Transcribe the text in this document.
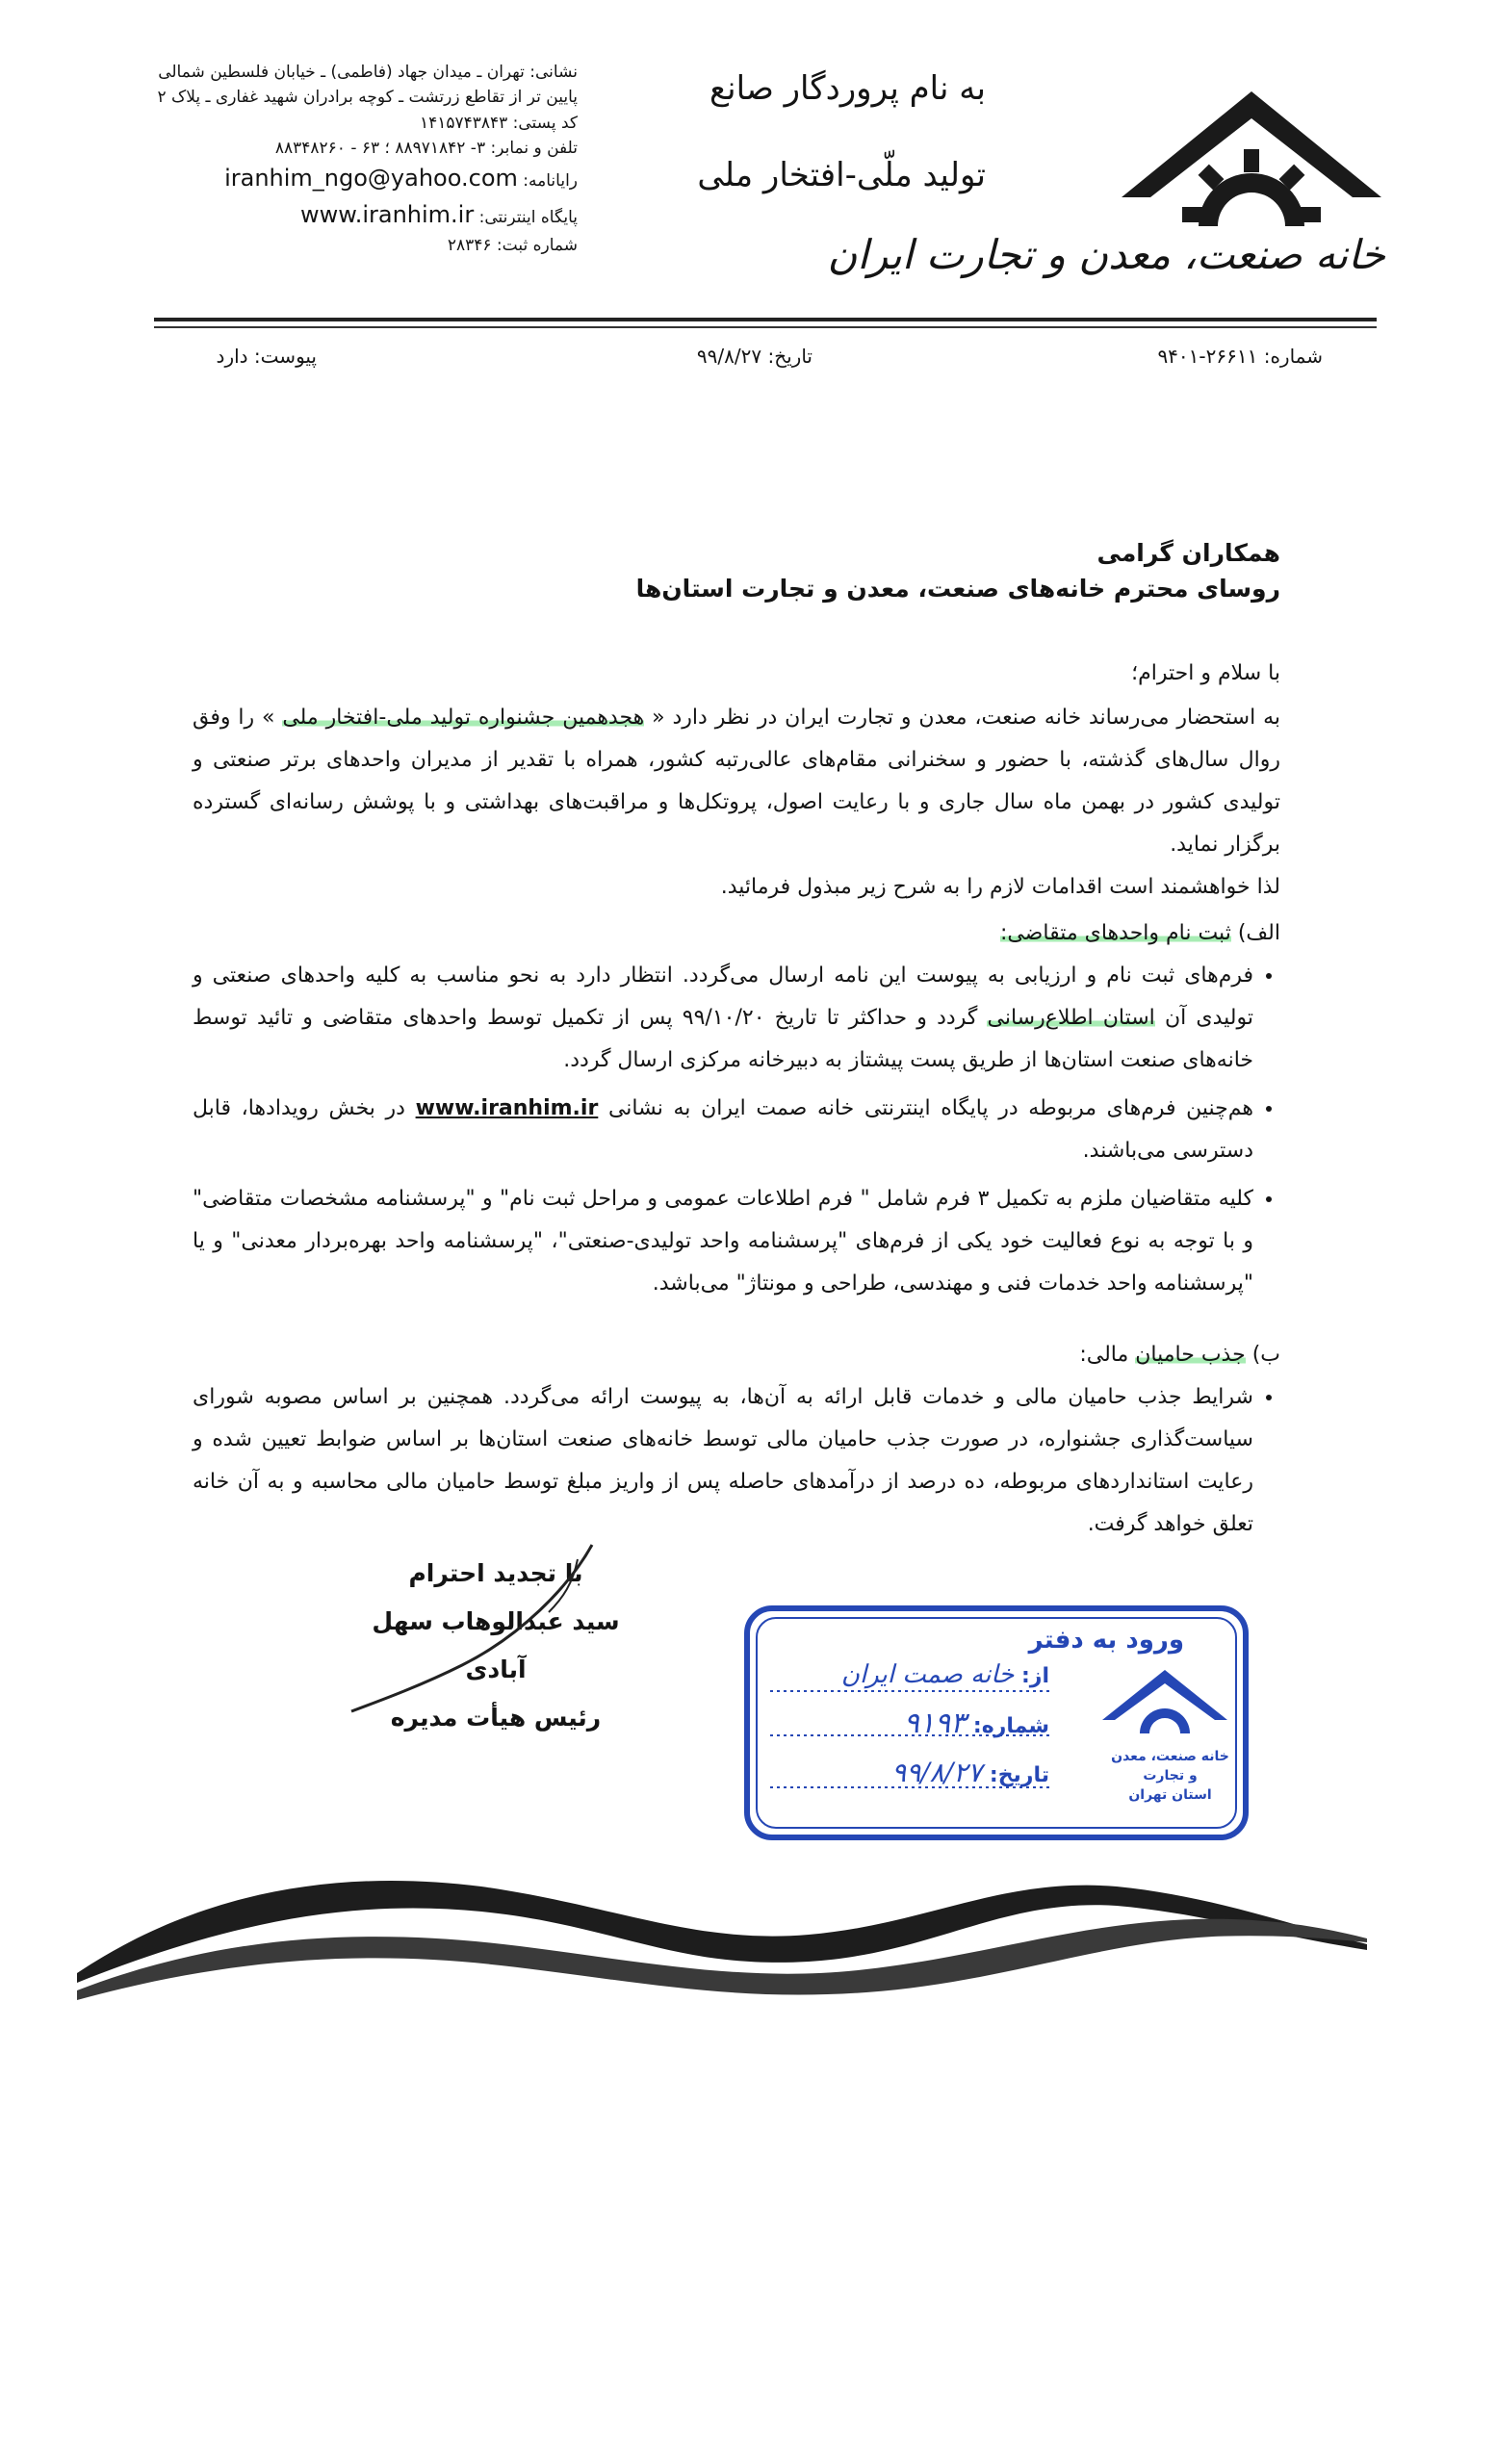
خانه صنعت، معدن و تجارت ایران
به نام پروردگار صانع
تولید ملّی-افتخار ملی
نشانی: تهران ـ میدان جهاد (فاطمی) ـ خیابان فلسطین شمالی
پایین تر از تقاطع زرتشت ـ کوچه برادران شهید غفاری ـ پلاک ۲
کد پستی: ۱۴۱۵۷۴۳۸۴۳
تلفن و نمابر: ۳- ۸۸۹۷۱۸۴۲ ؛ ۶۳ - ۸۸۳۴۸۲۶۰
رایانامه: iranhim_ngo@yahoo.com
پایگاه اینترنتی: www.iranhim.ir
شماره ثبت: ۲۸۳۴۶
شماره: ۲۶۶۱۱-۹۴۰۱
تاریخ: ۹۹/۸/۲۷
پیوست: دارد
همکاران گرامی
روسای محترم خانه‌های صنعت، معدن و تجارت استان‌ها

با سلام و احترام؛

به استحضار می‌رساند خانه صنعت، معدن و تجارت ایران در نظر دارد « هجدهمین جشنواره تولید ملی-افتخار ملی » را وفق روال سال‌های گذشته، با حضور و سخنرانی مقام‌های عالی‌رتبه کشور، همراه با تقدیر از مدیران واحدهای برتر صنعتی و تولیدی کشور در بهمن ماه سال جاری و با رعایت اصول، پروتکل‌ها و مراقبت‌های بهداشتی و با پوشش رسانه‌ای گسترده برگزار نماید.

لذا خواهشمند است اقدامات لازم را به شرح زیر مبذول فرمائید.

الف) ثبت نام واحدهای متقاضی:
• فرم‌های ثبت نام و ارزیابی به پیوست این نامه ارسال می‌گردد. انتظار دارد به نحو مناسب به کلیه واحدهای صنعتی و تولیدی آن استان اطلاع‌رسانی گردد و حداکثر تا تاریخ ۹۹/۱۰/۲۰ پس از تکمیل توسط واحدهای متقاضی و تائید توسط خانه‌های صنعت استان‌ها از طریق پست پیشتاز به دبیرخانه مرکزی ارسال گردد.
• هم‌چنین فرم‌های مربوطه در پایگاه اینترنتی خانه صمت ایران به نشانی www.iranhim.ir در بخش رویدادها، قابل دسترسی می‌باشند.
• کلیه متقاضیان ملزم به تکمیل ۳ فرم شامل " فرم اطلاعات عمومی و مراحل ثبت نام" و "پرسشنامه مشخصات متقاضی" و با توجه به نوع فعالیت خود یکی از فرم‌های "پرسشنامه واحد تولیدی-صنعتی"، "پرسشنامه واحد بهره‌بردار معدنی" و یا "پرسشنامه واحد خدمات فنی و مهندسی، طراحی و مونتاژ" می‌باشد.
ب) جذب حامیان مالی:
• شرایط جذب حامیان مالی و خدمات قابل ارائه به آن‌ها، به پیوست ارائه می‌گردد. همچنین بر اساس مصوبه شورای سیاست‌گذاری جشنواره، در صورت جذب حامیان مالی توسط خانه‌های صنعت استان‌ها بر اساس ضوابط تعیین شده و رعایت استانداردهای مربوطه، ده درصد از درآمدهای حاصله پس از واریز مبلغ توسط حامیان مالی محاسبه و به آن خانه تعلق خواهد گرفت.
با تجدید احترام
سید عبدالوهاب سهل آبادی
رئیس هیأت مدیره
ورود به دفتر
از: خانه صمت ایران
شماره: ۹۱۹۳
تاریخ: ۹۹/۸/۲۷	خانه صنعت، معدن و تجارت
استان تهران
